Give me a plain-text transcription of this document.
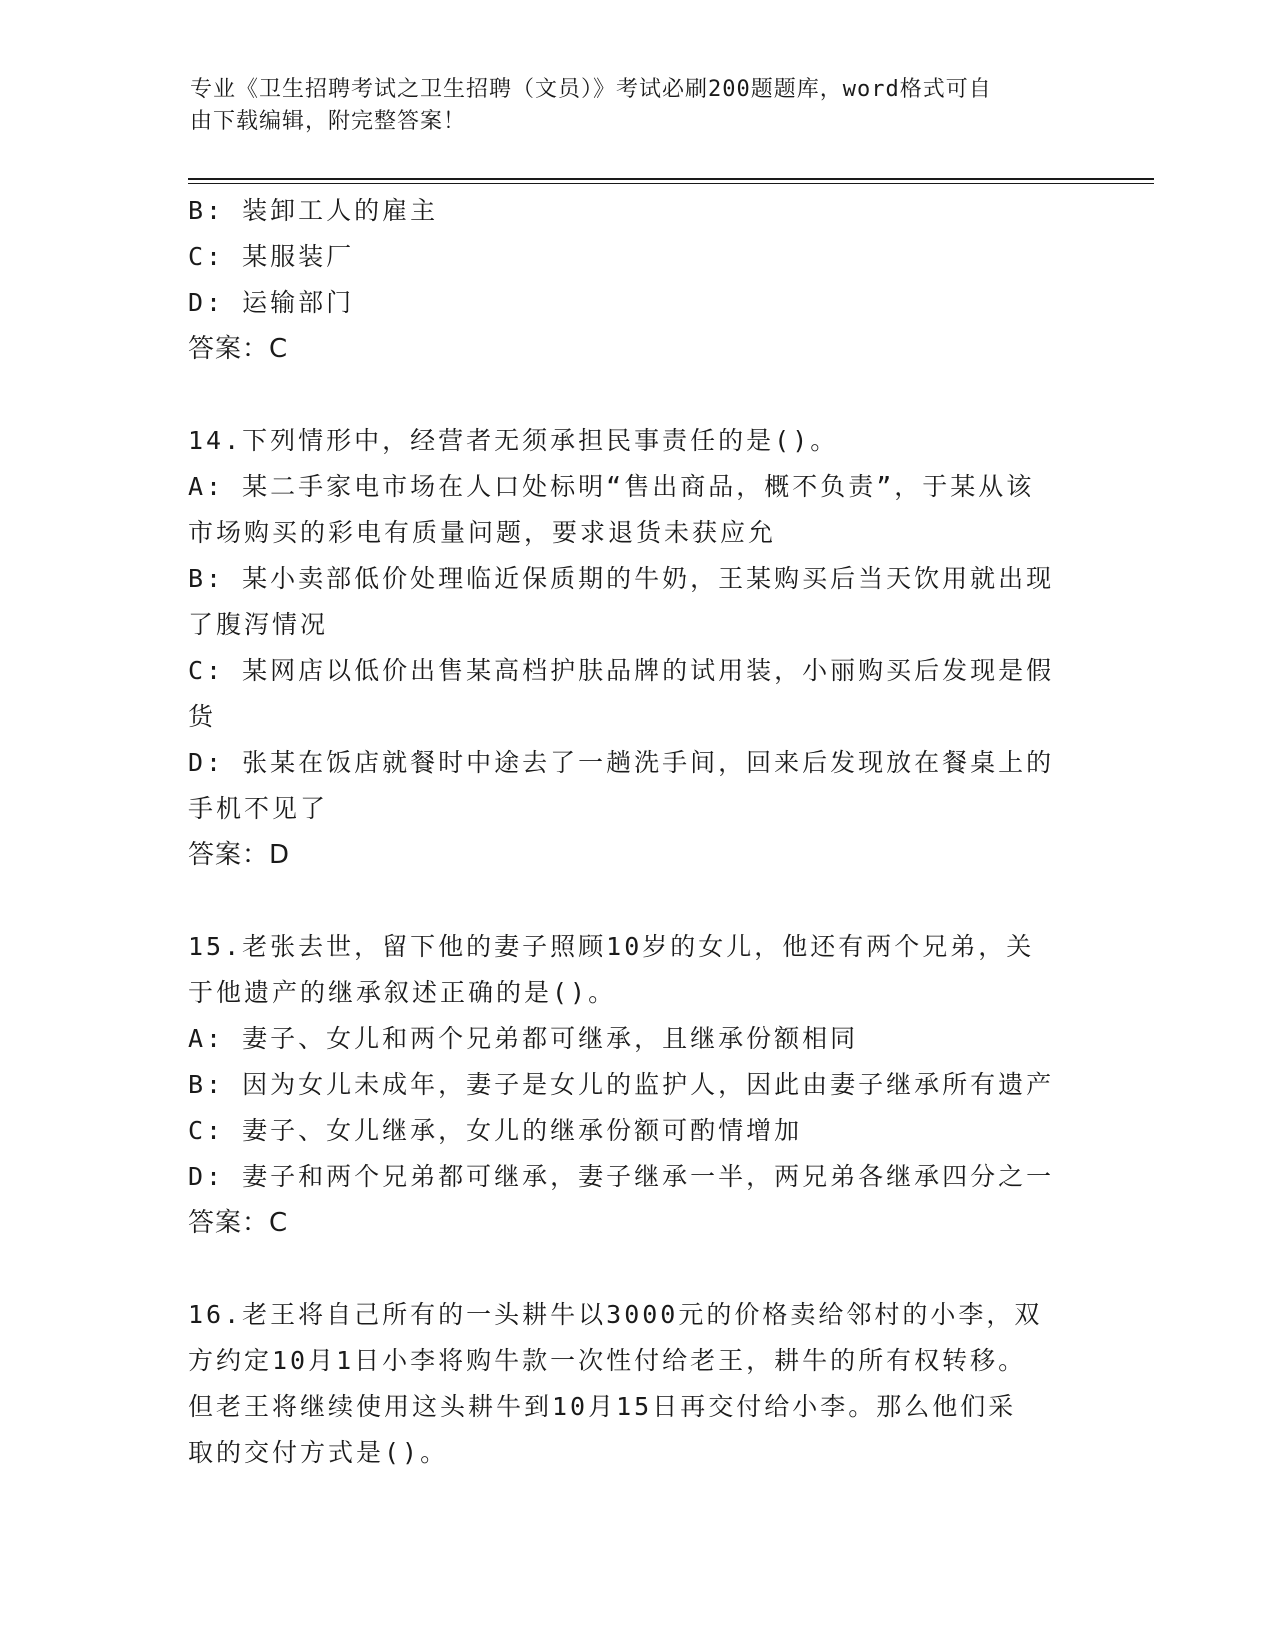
专业《卫生招聘考试之卫生招聘（文员）》考试必刷200题题库，word格式可自
由下载编辑，附完整答案！

B: 装卸工人的雇主

C: 某服装厂

D: 运输部门

答案：C

14.下列情形中，经营者无须承担民事责任的是()。

A: 某二手家电市场在人口处标明“售出商品，概不负责”，于某从该

市场购买的彩电有质量问题，要求退货未获应允

B: 某小卖部低价处理临近保质期的牛奶，王某购买后当天饮用就出现

了腹泻情况

C: 某网店以低价出售某高档护肤品牌的试用装，小丽购买后发现是假

货

D: 张某在饭店就餐时中途去了一趟洗手间，回来后发现放在餐桌上的

手机不见了

答案：D

15.老张去世，留下他的妻子照顾10岁的女儿，他还有两个兄弟，关

于他遗产的继承叙述正确的是()。

A: 妻子、女儿和两个兄弟都可继承，且继承份额相同

B: 因为女儿未成年，妻子是女儿的监护人，因此由妻子继承所有遗产

C: 妻子、女儿继承，女儿的继承份额可酌情增加

D: 妻子和两个兄弟都可继承，妻子继承一半，两兄弟各继承四分之一

答案：C

16.老王将自己所有的一头耕牛以3000元的价格卖给邻村的小李，双

方约定10月1日小李将购牛款一次性付给老王，耕牛的所有权转移。

但老王将继续使用这头耕牛到10月15日再交付给小李。那么他们采

取的交付方式是()。
